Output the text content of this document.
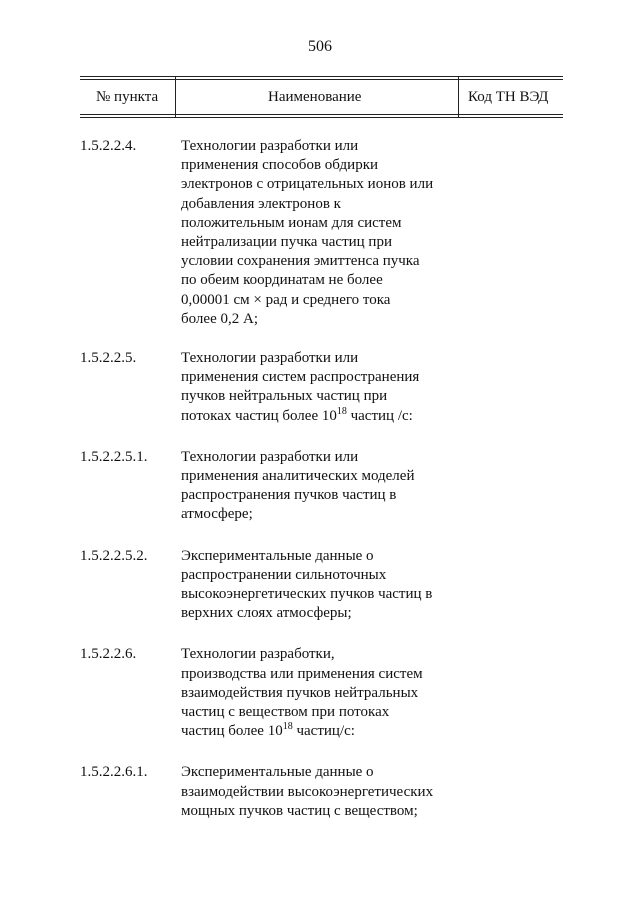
506
№ пункта	Наименование	Код ТН ВЭД
1.5.2.2.4.	Технологии разработки или
применения способов обдирки
электронов с отрицательных ионов или
добавления электронов к
положительным ионам для систем
нейтрализации пучка частиц при
условии сохранения эмиттенса пучка
по обеим координатам не более
0,00001 см × рад и среднего тока
более 0,2 А;
1.5.2.2.5.	Технологии разработки или
применения систем распространения
пучков нейтральных частиц при
потоках частиц более $10^{18}$ частиц /с:
1.5.2.2.5.1. Технологии разработки или
применения аналитических моделей
распространения пучков частиц в
атмосфере;
1.5.2.2.5.2. Экспериментальные данные о
распространении сильноточных
высокоэнергетических пучков частиц в
верхних слоях атмосферы;
1.5.2.2.6.	Технологии разработки,
производства или применения систем
взаимодействия пучков нейтральных
частиц с веществом при потоках
частиц более $10^{18}$ частиц/с:
1.5.2.2.6.1. Экспериментальные данные о
взаимодействии высокоэнергетических
мощных пучков частиц с веществом;
